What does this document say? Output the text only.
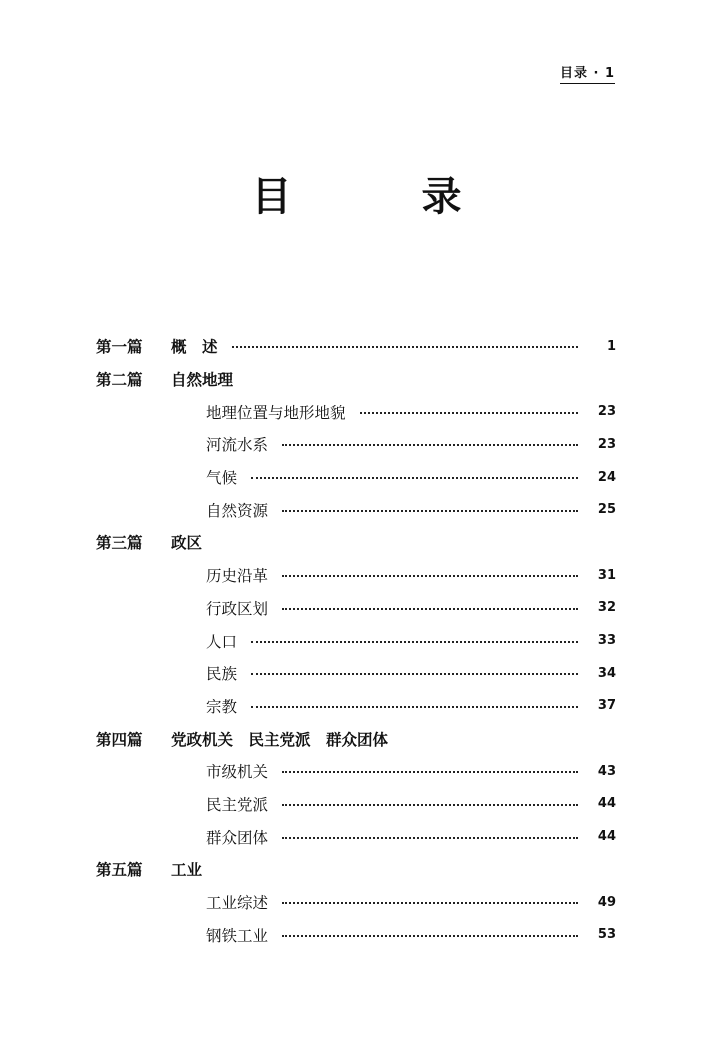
目录 · 1
目 录
第一篇	概　述	1
第二篇	自然地理
地理位置与地形地貌	23
河流水系	23
气候	24
自然资源	25
第三篇	政区
历史沿革	31
行政区划	32
人口	33
民族	34
宗教	37
第四篇	党政机关　民主党派　群众团体
市级机关	43
民主党派	44
群众团体	44
第五篇	工业
工业综述	49
钢铁工业	53
